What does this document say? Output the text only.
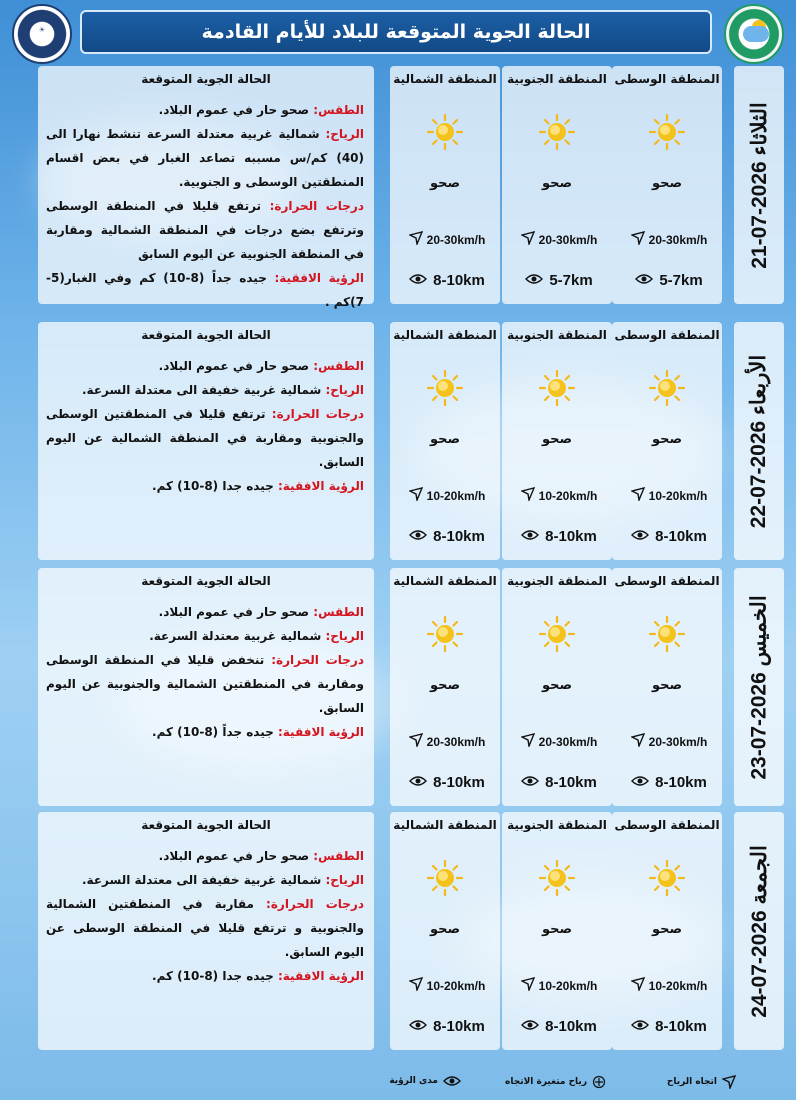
☀	الحالة الجوية المتوقعة للبلاد للأيام القادمة
الثلاثاء 2026-07-21
المنطقة الوسطى
صحو
20-30km/h
5-7km
المنطقة الجنوبية
صحو
20-30km/h
5-7km
المنطقة الشمالية
صحو
20-30km/h
8-10km
الحالة الجوية المتوقعة
الطقس: صحو حار في عموم البلاد.
الرياح: شمالية غربية معتدلة السرعة تنشط نهارا الى (40) كم/س مسببه تصاعد الغبار في بعض اقسام المنطقتين الوسطى و الجنوبية.
درجات الحرارة: ترتفع قليلا في المنطقة الوسطى وترتفع بضع درجات في المنطقة الشمالية ومقاربة في المنطقة الجنوبية عن اليوم السابق
الرؤية الافقية: جيده جداً (8-10) كم وفي الغبار(5-7)كم .
الأربعاء 2026-07-22
المنطقة الوسطى
صحو
10-20km/h
8-10km
المنطقة الجنوبية
صحو
10-20km/h
8-10km
المنطقة الشمالية
صحو
10-20km/h
8-10km
الحالة الجوية المتوقعة
الطقس: صحو حار في عموم البلاد.
الرياح: شمالية غربية خفيفة الى معتدلة السرعة.
درجات الحرارة: ترتفع قليلا في المنطقتين الوسطى والجنوبية ومقاربة في المنطقة الشمالية عن اليوم السابق.
الرؤية الافقية: جيده جدا (8-10) كم.
الخميس 2026-07-23
المنطقة الوسطى
صحو
20-30km/h
8-10km
المنطقة الجنوبية
صحو
20-30km/h
8-10km
المنطقة الشمالية
صحو
20-30km/h
8-10km
الحالة الجوية المتوقعة
الطقس: صحو حار في عموم البلاد.
الرياح: شمالية غربية معتدلة السرعة.
درجات الحرارة: تنخفض قليلا في المنطقة الوسطى ومقاربة في المنطقتين الشمالية والجنوبية عن اليوم السابق.
الرؤية الافقية: جيده جداً (8-10) كم.
الجمعة 2026-07-24
المنطقة الوسطى
صحو
10-20km/h
8-10km
المنطقة الجنوبية
صحو
10-20km/h
8-10km
المنطقة الشمالية
صحو
10-20km/h
8-10km
الحالة الجوية المتوقعة
الطقس: صحو حار في عموم البلاد.
الرياح: شمالية غربية خفيفة الى معتدلة السرعة.
درجات الحرارة: مقاربة في المنطقتين الشمالية والجنوبية و ترتفع قليلا في المنطقة الوسطى عن اليوم السابق.
الرؤية الافقية: جيده جدا (8-10) كم.
اتجاه الرياح
رياح متغيرة الاتجاه
مدى الرؤية
